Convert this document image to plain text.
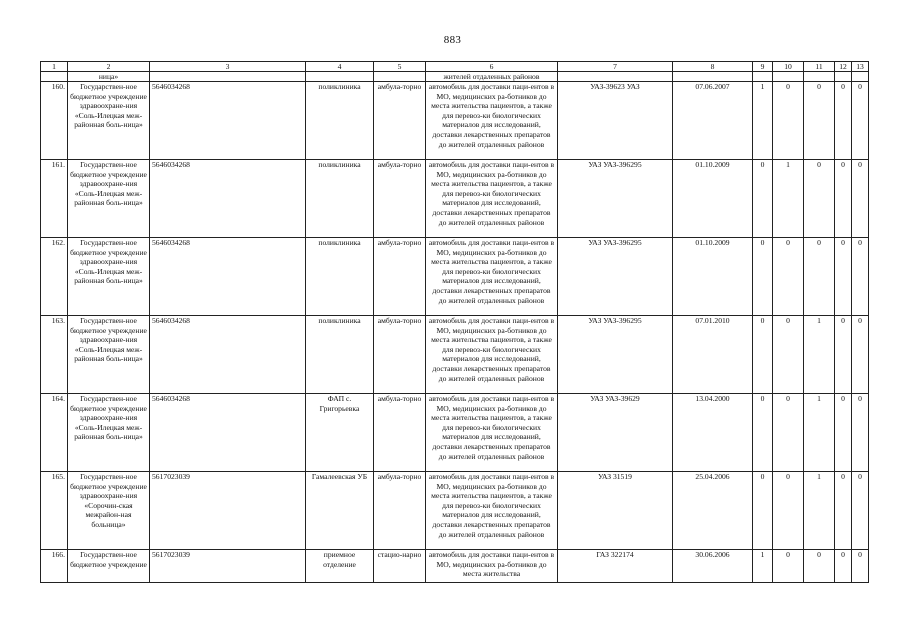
883
1	2	3	4	5	6	7	8	9	10	11	12	13
	ница»				жителей отдаленных районов							
160.	Государствен-ное бюджетное учреждение здравоохране-ния «Соль-Илецкая меж-районная боль-ница»	5646034268	поликлиника	амбула-торно	автомобиль для доставки паци-ентов в МО, медицинских ра-ботников до места жительства пациентов, а также для перевоз-ки биологических материалов для исследований, доставки лекарственных препаратов до жителей отдаленных районов	УАЗ-39623 УАЗ	07.06.2007	1	0	0	0	0
161.	Государствен-ное бюджетное учреждение здравоохране-ния «Соль-Илецкая меж-районная боль-ница»	5646034268	поликлиника	амбула-торно	автомобиль для доставки паци-ентов в МО, медицинских ра-ботников до места жительства пациентов, а также для перевоз-ки биологических материалов для исследований, доставки лекарственных препаратов до жителей отдаленных районов	УАЗ УАЗ-396295	01.10.2009	0	1	0	0	0
162.	Государствен-ное бюджетное учреждение здравоохране-ния «Соль-Илецкая меж-районная боль-ница»	5646034268	поликлиника	амбула-торно	автомобиль для доставки паци-ентов в МО, медицинских ра-ботников до места жительства пациентов, а также для перевоз-ки биологических материалов для исследований, доставки лекарственных препаратов до жителей отдаленных районов	УАЗ УАЗ-396295	01.10.2009	0	0	0	0	0
163.	Государствен-ное бюджетное учреждение здравоохране-ния «Соль-Илецкая меж-районная боль-ница»	5646034268	поликлиника	амбула-торно	автомобиль для доставки паци-ентов в МО, медицинских ра-ботников до места жительства пациентов, а также для перевоз-ки биологических материалов для исследований, доставки лекарственных препаратов до жителей отдаленных районов	УАЗ УАЗ-396295	07.01.2010	0	0	1	0	0
164.	Государствен-ное бюджетное учреждение здравоохране-ния «Соль-Илецкая меж-районная боль-ница»	5646034268	ФАП с. Григорьевка	амбула-торно	автомобиль для доставки паци-ентов в МО, медицинских ра-ботников до места жительства пациентов, а также для перевоз-ки биологических материалов для исследований, доставки лекарственных препаратов до жителей отдаленных районов	УАЗ УАЗ-39629	13.04.2000	0	0	1	0	0
165.	Государствен-ное бюджетное учреждение здравоохране-ния «Сорочин-ская межрайон-ная больница»	5617023039	Гамалеевская УБ	амбула-торно	автомобиль для доставки паци-ентов в МО, медицинских ра-ботников до места жительства пациентов, а также для перевоз-ки биологических материалов для исследований, доставки лекарственных препаратов до жителей отдаленных районов	УАЗ 31519	25.04.2006	0	0	1	0	0
166.	Государствен-ное бюджетное учреждение	5617023039	приемное отделение	стацио-нарно	автомобиль для доставки паци-ентов в МО, медицинских ра-ботников до места жительства	ГАЗ 322174	30.06.2006	1	0	0	0	0
